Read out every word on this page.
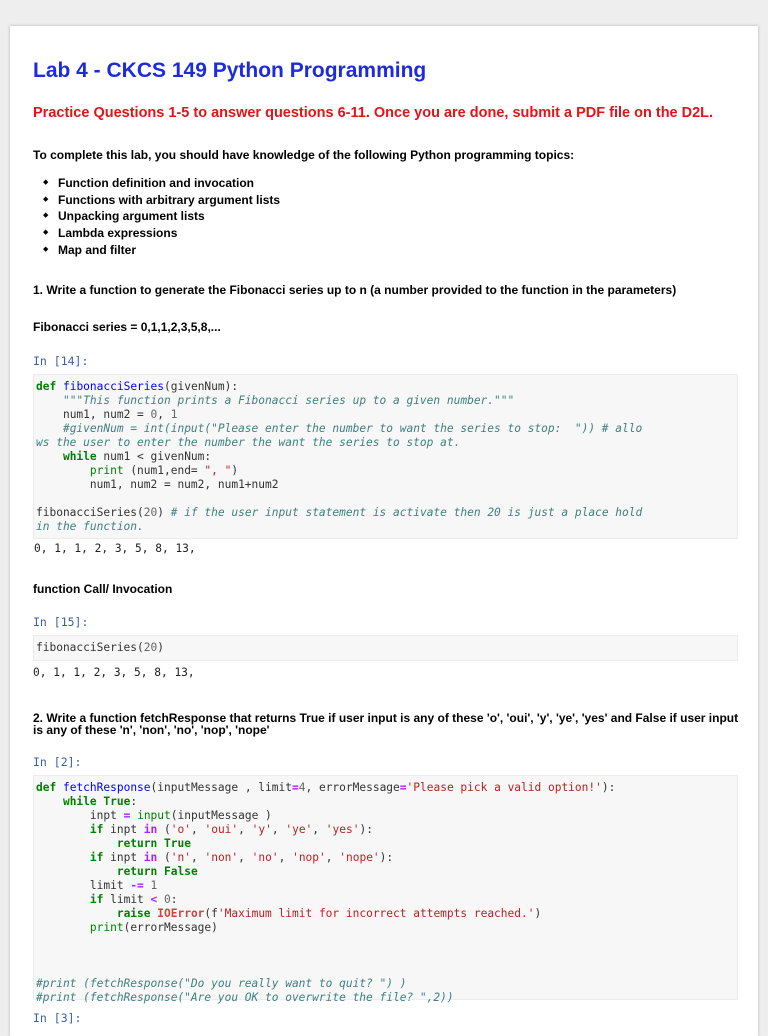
Lab 4 - CKCS 149 Python Programming

Practice Questions 1-5 to answer questions 6-11. Once you are done, submit a PDF file on the D2L.

To complete this lab, you should have knowledge of the following Python programming topics:

◆ Function definition and invocation
◆ Functions with arbitrary argument lists
◆ Unpacking argument lists
◆ Lambda expressions
◆ Map and filter

1. Write a function to generate the Fibonacci series up to n (a number provided to the function in the parameters)

Fibonacci series = 0,1,1,2,3,5,8,...

In [14]:

def fibonacciSeries(givenNum):
"""This function prints a Fibonacci series up to a given number."""
num1, num2 = 0, 1
#givenNum = int(input("Please enter the number to want the series to stop:  ")) # allo
ws the user to enter the number the want the series to stop at.
while num1 < givenNum:
print (num1,end= ", ")
num1, num2 = num2, num1+num2

fibonacciSeries(20) # if the user input statement is activate then 20 is just a place hold
in the function.
0, 1, 1, 2, 3, 5, 8, 13,

function Call/ Invocation

In [15]:

fibonacciSeries(20)
0, 1, 1, 2, 3, 5, 8, 13,

2. Write a function fetchResponse that returns True if user input is any of these 'o', 'oui', 'y', 'ye', 'yes' and False if user input is any of these 'n', 'non', 'no', 'nop', 'nope'

In [2]:

def fetchResponse(inputMessage , limit=4, errorMessage='Please pick a valid option!'):
while True:
inpt = input(inputMessage )
if inpt in ('o', 'oui', 'y', 'ye', 'yes'):
return True
if inpt in ('n', 'non', 'no', 'nop', 'nope'):
return False
limit -= 1
if limit < 0:
raise IOError(f'Maximum limit for incorrect attempts reached.')
print(errorMessage)

#print (fetchResponse("Do you really want to quit? ") )
#print (fetchResponse("Are you OK to overwrite the file? ",2))

In [3]:
